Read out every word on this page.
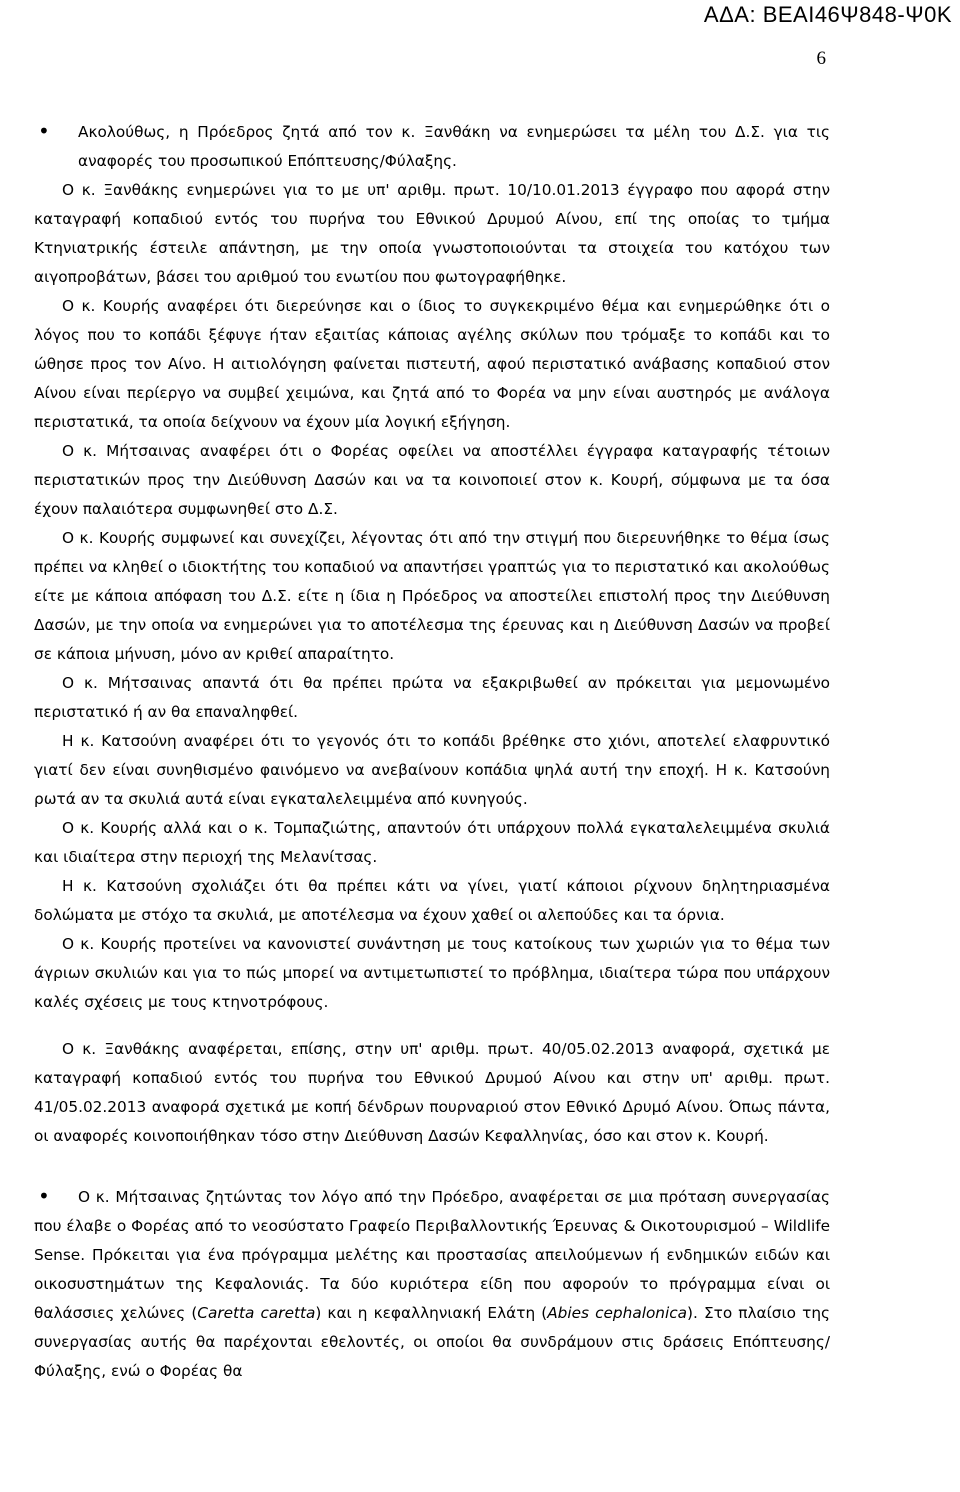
ΑΔΑ: ΒΕΑΙ46Ψ848-Ψ0Κ
6

•	Ακολούθως, η Πρόεδρος ζητά από τον κ. Ξανθάκη να ενημερώσει τα μέλη του Δ.Σ. για τις αναφορές του προσωπικού Επόπτευσης/Φύλαξης.

Ο κ. Ξανθάκης ενημερώνει για το με υπ' αριθμ. πρωτ. 10/10.01.2013 έγγραφο που αφορά στην καταγραφή κοπαδιού εντός του πυρήνα του Εθνικού Δρυμού Αίνου, επί της οποίας το τμήμα Κτηνιατρικής έστειλε απάντηση, με την οποία γνωστοποιούνται τα στοιχεία του κατόχου των αιγοπροβάτων, βάσει του αριθμού του ενωτίου που φωτογραφήθηκε.

Ο κ. Κουρής αναφέρει ότι διερεύνησε και ο ίδιος το συγκεκριμένο θέμα και ενημερώθηκε ότι ο λόγος που το κοπάδι ξέφυγε ήταν εξαιτίας κάποιας αγέλης σκύλων που τρόμαξε το κοπάδι και το ώθησε προς τον Αίνο. Η αιτιολόγηση φαίνεται πιστευτή, αφού περιστατικό ανάβασης κοπαδιού στον Αίνου είναι περίεργο να συμβεί χειμώνα, και ζητά από το Φορέα να μην είναι αυστηρός με ανάλογα περιστατικά, τα οποία δείχνουν να έχουν μία λογική εξήγηση.

Ο κ. Μήτσαινας αναφέρει ότι ο Φορέας οφείλει να αποστέλλει έγγραφα καταγραφής τέτοιων περιστατικών προς την Διεύθυνση Δασών και να τα κοινοποιεί στον κ. Κουρή, σύμφωνα με τα όσα έχουν παλαιότερα συμφωνηθεί στο Δ.Σ.

Ο κ. Κουρής συμφωνεί και συνεχίζει, λέγοντας ότι από την στιγμή που διερευνήθηκε το θέμα ίσως πρέπει να κληθεί ο ιδιοκτήτης του κοπαδιού να απαντήσει γραπτώς για το περιστατικό και ακολούθως είτε με κάποια απόφαση του Δ.Σ. είτε η ίδια η Πρόεδρος να αποστείλει επιστολή προς την Διεύθυνση Δασών, με την οποία να ενημερώνει για το αποτέλεσμα της έρευνας και η Διεύθυνση Δασών να προβεί σε κάποια μήνυση, μόνο αν κριθεί απαραίτητο.

Ο κ. Μήτσαινας απαντά ότι θα πρέπει πρώτα να εξακριβωθεί αν πρόκειται για μεμονωμένο περιστατικό ή αν θα επαναληφθεί.

Η κ. Κατσούνη αναφέρει ότι το γεγονός ότι το κοπάδι βρέθηκε στο χιόνι, αποτελεί ελαφρυντικό γιατί δεν είναι συνηθισμένο φαινόμενο να ανεβαίνουν κοπάδια ψηλά αυτή την εποχή. Η κ. Κατσούνη ρωτά αν τα σκυλιά αυτά είναι εγκαταλελειμμένα από κυνηγούς.

Ο κ. Κουρής αλλά και ο κ. Τομπαζιώτης, απαντούν ότι υπάρχουν πολλά εγκαταλελειμμένα σκυλιά και ιδιαίτερα στην περιοχή της Μελανίτσας.

Η κ. Κατσούνη σχολιάζει ότι θα πρέπει κάτι να γίνει, γιατί κάποιοι ρίχνουν δηλητηριασμένα δολώματα με στόχο τα σκυλιά, με αποτέλεσμα να έχουν χαθεί οι αλεπούδες και τα όρνια.

Ο κ. Κουρής προτείνει να κανονιστεί συνάντηση με τους κατοίκους των χωριών για το θέμα των άγριων σκυλιών και για το πώς μπορεί να αντιμετωπιστεί το πρόβλημα, ιδιαίτερα τώρα που υπάρχουν καλές σχέσεις με τους κτηνοτρόφους.

Ο κ. Ξανθάκης αναφέρεται, επίσης, στην υπ' αριθμ. πρωτ. 40/05.02.2013 αναφορά, σχετικά με καταγραφή κοπαδιού εντός του πυρήνα του Εθνικού Δρυμού Αίνου και στην υπ' αριθμ. πρωτ. 41/05.02.2013 αναφορά σχετικά με κοπή δένδρων πουρναριού στον Εθνικό Δρυμό Αίνου. Όπως πάντα, οι αναφορές κοινοποιήθηκαν τόσο στην Διεύθυνση Δασών Κεφαλληνίας, όσο και στον κ. Κουρή.

•	Ο κ. Μήτσαινας ζητώντας τον λόγο από την Πρόεδρο, αναφέρεται σε μια πρόταση συνεργασίας που έλαβε ο Φορέας από το νεοσύστατο Γραφείο Περιβαλλοντικής Έρευνας & Οικοτουρισμού – Wildlife Sense. Πρόκειται για ένα πρόγραμμα μελέτης και προστασίας απειλούμενων ή ενδημικών ειδών και οικοσυστημάτων της Κεφαλονιάς. Τα δύο κυριότερα είδη που αφορούν το πρόγραμμα είναι οι θαλάσσιες χελώνες (Caretta caretta) και η κεφαλληνιακή Ελάτη (Abies cephalonica). Στο πλαίσιο της συνεργασίας αυτής θα παρέχονται εθελοντές, οι οποίοι θα συνδράμουν στις δράσεις Επόπτευσης/Φύλαξης, ενώ ο Φορέας θα
